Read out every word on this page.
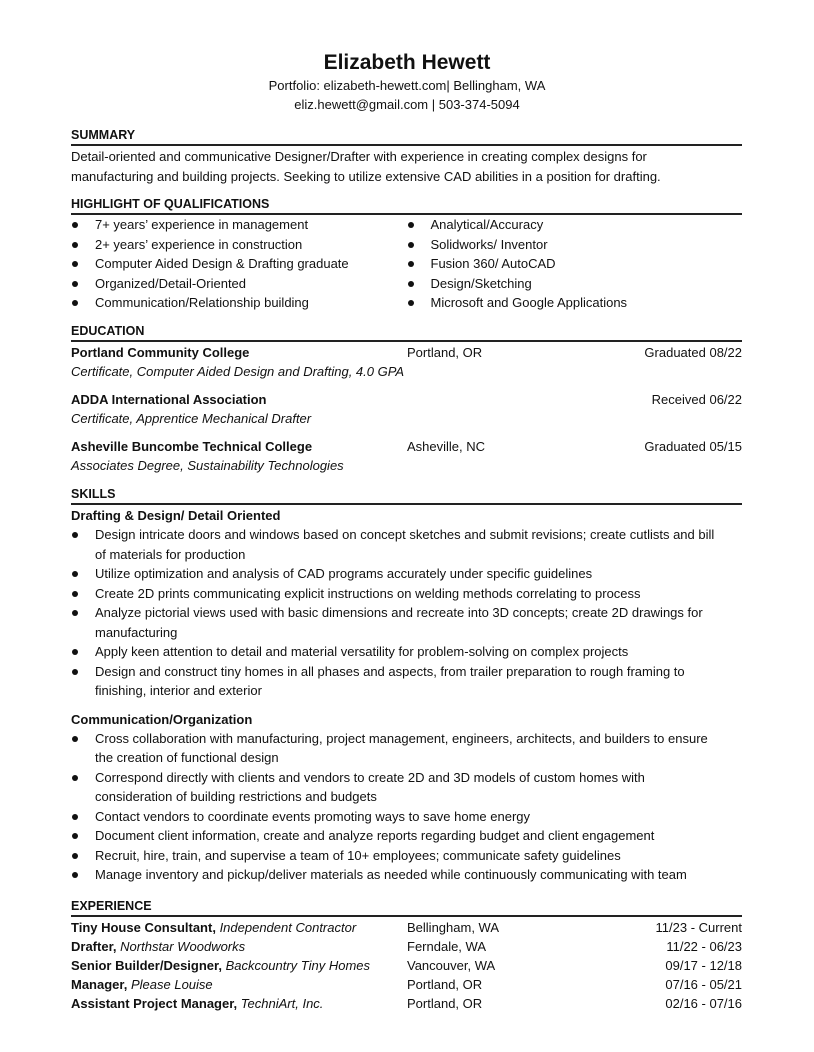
Elizabeth Hewett
Portfolio: elizabeth-hewett.com| Bellingham, WA
eliz.hewett@gmail.com | 503-374-5094
SUMMARY
Detail-oriented and communicative Designer/Drafter with experience in creating complex designs for
manufacturing and building projects. Seeking to utilize extensive CAD abilities in a position for drafting.
HIGHLIGHT OF QUALIFICATIONS
7+ years’ experience in management
2+ years’ experience in construction
Computer Aided Design & Drafting graduate
Organized/Detail-Oriented
Communication/Relationship building
Analytical/Accuracy
Solidworks/ Inventor
Fusion 360/ AutoCAD
Design/Sketching
Microsoft and Google Applications
EDUCATION
Portland Community College	Portland, OR	Graduated 08/22
Certificate, Computer Aided Design and Drafting, 4.0 GPA
ADDA International Association	Received 06/22
Certificate, Apprentice Mechanical Drafter
Asheville Buncombe Technical College	Asheville, NC	Graduated 05/15
Associates Degree, Sustainability Technologies
SKILLS
Drafting & Design/ Detail Oriented
Design intricate doors and windows based on concept sketches and submit revisions; create cutlists and bill
of materials for production
Utilize optimization and analysis of CAD programs accurately under specific guidelines
Create 2D prints communicating explicit instructions on welding methods correlating to process
Analyze pictorial views used with basic dimensions and recreate into 3D concepts; create 2D drawings for
manufacturing
Apply keen attention to detail and material versatility for problem-solving on complex projects
Design and construct tiny homes in all phases and aspects, from trailer preparation to rough framing to
finishing, interior and exterior
Communication/Organization
Cross collaboration with manufacturing, project management, engineers, architects, and builders to ensure
the creation of functional design
Correspond directly with clients and vendors to create 2D and 3D models of custom homes with
consideration of building restrictions and budgets
Contact vendors to coordinate events promoting ways to save home energy
Document client information, create and analyze reports regarding budget and client engagement
Recruit, hire, train, and supervise a team of 10+ employees; communicate safety guidelines
Manage inventory and pickup/deliver materials as needed while continuously communicating with team
EXPERIENCE
Tiny House Consultant, Independent Contractor	Bellingham, WA	11/23 - Current
Drafter, Northstar Woodworks	Ferndale, WA	11/22 - 06/23
Senior Builder/Designer, Backcountry Tiny Homes	Vancouver, WA	09/17 - 12/18
Manager, Please Louise	Portland, OR	07/16 - 05/21
Assistant Project Manager, TechniArt, Inc.	Portland, OR	02/16 - 07/16
